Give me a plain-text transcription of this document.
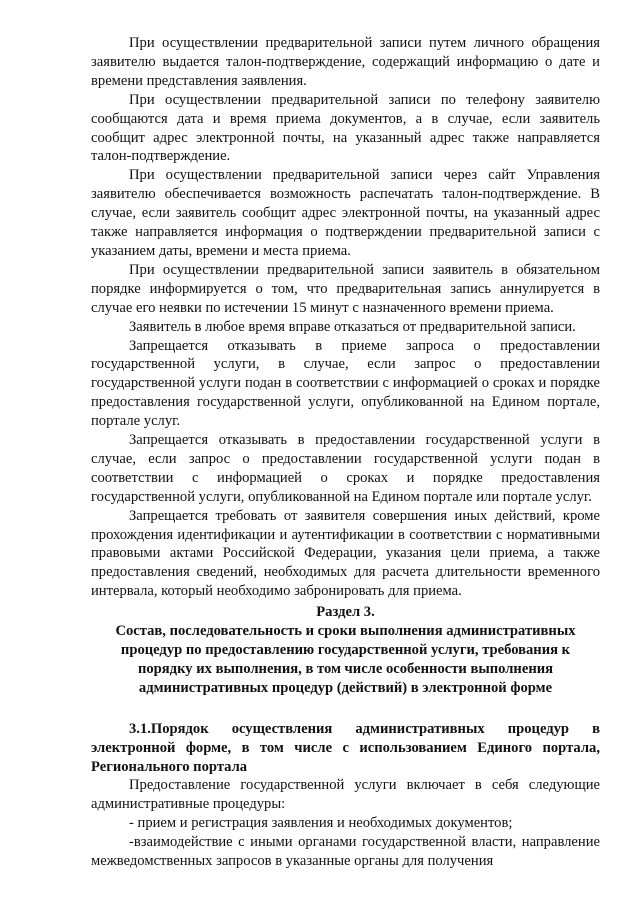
При осуществлении предварительной записи путем личного обращения заявителю выдается талон-подтверждение, содержащий информацию о дате и времени представления заявления.

При осуществлении предварительной записи по телефону заявителю сообщаются дата и время приема документов, а в случае, если заявитель сообщит адрес электронной почты, на указанный адрес также направляется талон-подтверждение.

При осуществлении предварительной записи через сайт Управления заявителю обеспечивается возможность распечатать талон-подтверждение. В случае, если заявитель сообщит адрес электронной почты, на указанный адрес также направляется информация о подтверждении предварительной записи с указанием даты, времени и места приема.

При осуществлении предварительной записи заявитель в обязательном порядке информируется о том, что предварительная запись аннулируется в случае его неявки по истечении 15 минут с назначенного времени приема.

Заявитель в любое время вправе отказаться от предварительной записи.

Запрещается отказывать в приеме запроса о предоставлении государственной услуги, в случае, если запрос о предоставлении государственной услуги подан в соответствии с информацией о сроках и порядке предоставления государственной услуги, опубликованной на Едином портале, портале услуг.

Запрещается отказывать в предоставлении государственной услуги в случае, если запрос о предоставлении государственной услуги подан в соответствии с информацией о сроках и порядке предоставления государственной услуги, опубликованной на Едином портале или портале услуг.

Запрещается требовать от заявителя совершения иных действий, кроме прохождения идентификации и аутентификации в соответствии с нормативными правовыми актами Российской Федерации, указания цели приема, а также предоставления сведений, необходимых для расчета длительности временного интервала, который необходимо забронировать для приема.

Раздел 3.

Состав, последовательность и сроки выполнения административных процедур по предоставлению государственной услуги, требования к порядку их выполнения, в том числе особенности выполнения административных процедур (действий) в электронной форме

3.1.Порядок осуществления административных процедур в электронной форме, в том числе с использованием Единого портала, Регионального портала

Предоставление государственной услуги включает в себя следующие административные процедуры:

- прием и регистрация заявления и необходимых документов;

-взаимодействие с иными органами государственной власти, направление межведомственных запросов в указанные органы для получения
